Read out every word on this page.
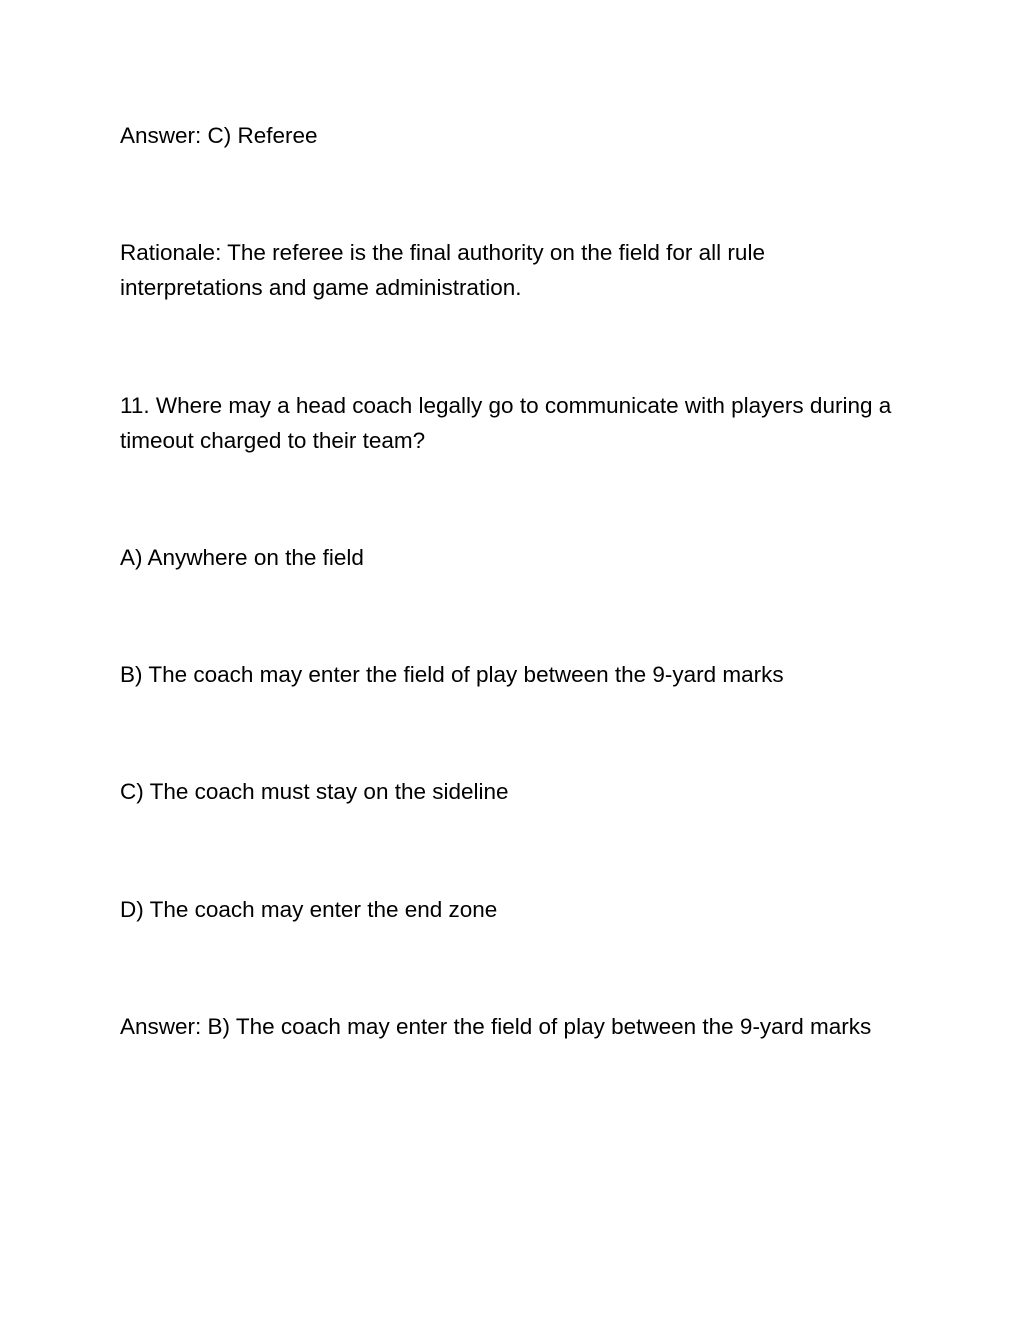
Answer: C) Referee

Rationale: The referee is the final authority on the field for all rule interpretations and game administration.

11. Where may a head coach legally go to communicate with players during a timeout charged to their team?

A) Anywhere on the field

B) The coach may enter the field of play between the 9-yard marks

C) The coach must stay on the sideline

D) The coach may enter the end zone

Answer: B) The coach may enter the field of play between the 9-yard marks
